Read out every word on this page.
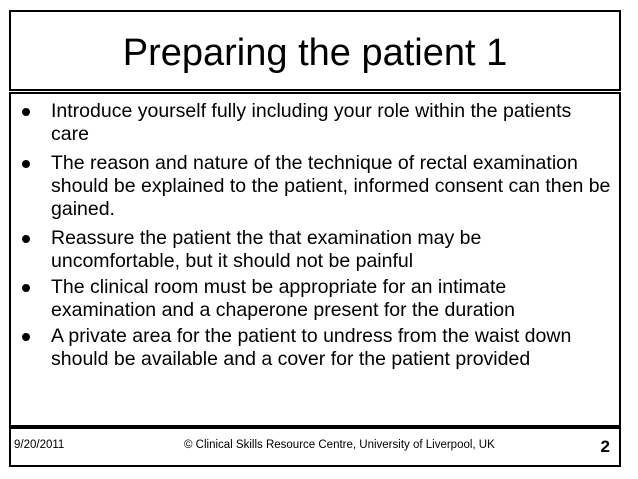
Preparing the patient 1
Introduce yourself fully including your role within the patients care
The reason and nature of the technique of rectal examination should be explained to the patient, informed consent can then be gained.
Reassure the patient the that examination may be uncomfortable, but it should not be painful
The clinical room must be appropriate for an intimate examination and a chaperone present for the duration
A private area for the patient to undress from the waist down should be available and a cover for the patient provided
9/20/2011	© Clinical Skills Resource Centre, University of Liverpool, UK	2
